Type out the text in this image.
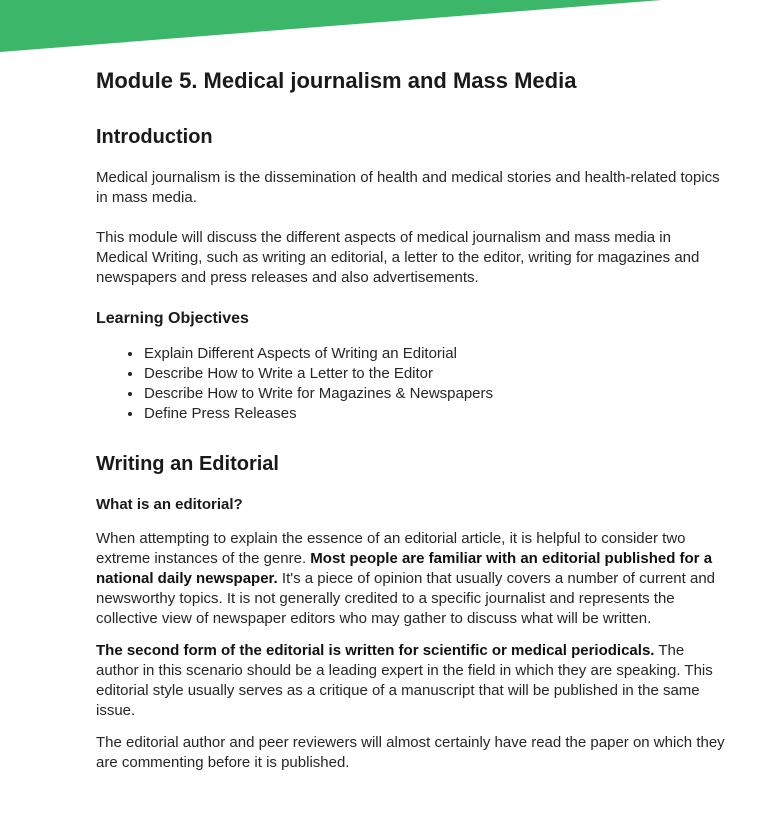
Module 5. Medical journalism and Mass Media
Introduction

Medical journalism is the dissemination of health and medical stories and health-related topics in mass media.

This module will discuss the different aspects of medical journalism and mass media in Medical Writing, such as writing an editorial, a letter to the editor, writing for magazines and newspapers and press releases and also advertisements.

Learning Objectives
• Explain Different Aspects of Writing an Editorial
• Describe How to Write a Letter to the Editor
• Describe How to Write for Magazines & Newspapers
• Define Press Releases
Writing an Editorial
What is an editorial?

When attempting to explain the essence of an editorial article, it is helpful to consider two extreme instances of the genre. Most people are familiar with an editorial published for a national daily newspaper. It's a piece of opinion that usually covers a number of current and newsworthy topics. It is not generally credited to a specific journalist and represents the collective view of newspaper editors who may gather to discuss what will be written.

The second form of the editorial is written for scientific or medical periodicals. The author in this scenario should be a leading expert in the field in which they are speaking. This editorial style usually serves as a critique of a manuscript that will be published in the same issue.

The editorial author and peer reviewers will almost certainly have read the paper on which they are commenting before it is published.
